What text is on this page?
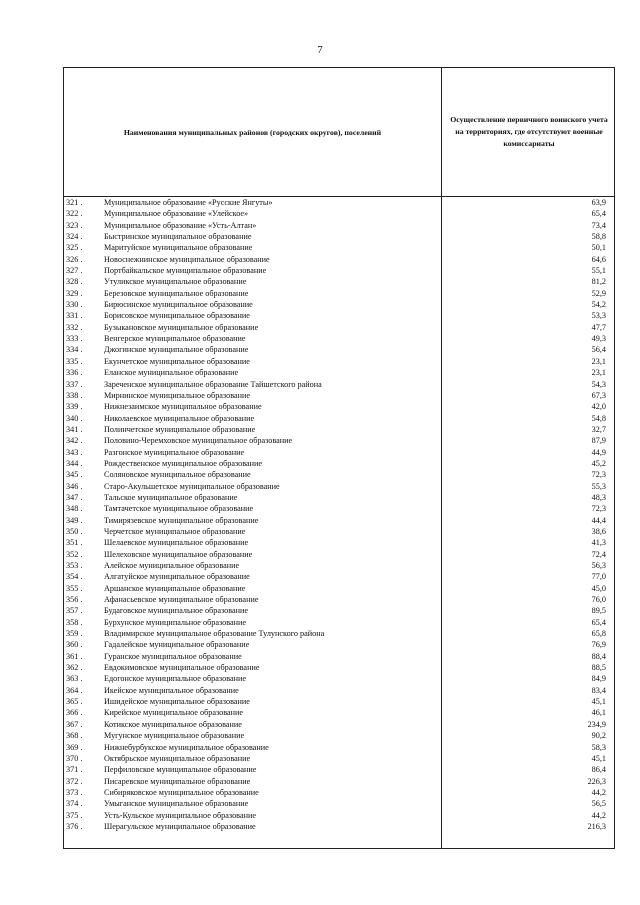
7
Наименования муниципальных районов (городских округов), поселений
Осуществление первичного воинского учета на территориях, где отсутствуют военные комиссариаты
321 .	Муниципальное образование «Русские Янгуты»	63,9
322 .	Муниципальное образование «Улейское»	65,4
323 .	Муниципальное образование «Усть-Алтан»	73,4
324 .	Быстринское муниципальное образование	58,8
325 .	Маритуйское муниципальное образование	50,1
326 .	Новоснежнинское муниципальное образование	64,6
327 .	Портбайкальское муниципальное образование	55,1
328 .	Утуликское муниципальное образование	81,2
329 .	Березовское муниципальное образование	52,9
330 .	Бирюсинское муниципальное образование	54,2
331 .	Борисовское муниципальное образование	53,3
332 .	Бузыкановское муниципальное образование	47,7
333 .	Венгерское муниципальное образование	49,3
334 .	Джогинское муниципальное образование	56,4
335 .	Екунчетское муниципальное образование	23,1
336 .	Еланское муниципальное образование	23,1
337 .	Зареченское муниципальное образование Тайшетского района	54,3
338 .	Мирнинское муниципальное образование	67,3
339 .	Нижнезаимское муниципальное образование	42,0
340 .	Николаевское муниципальное образование	54,8
341 .	Полинчетское муниципальное образование	32,7
342 .	Половино-Черемховское муниципальное образование	87,9
343 .	Разгонское муниципальное образование	44,9
344 .	Рождественское муниципальное образование	45,2
345 .	Соляновское муниципальное образование	72,3
346 .	Старо-Акульшетское муниципальное образование	55,3
347 .	Тальское муниципальное образование	48,3
348 .	Тамтачетское муниципальное образование	72,3
349 .	Тимирязевское муниципальное образование	44,4
350 .	Черчетское муниципальное образование	38,6
351 .	Шелаевское муниципальное образование	41,3
352 .	Шелеховское муниципальное образование	72,4
353 .	Алейское муниципальное образование	56,3
354 .	Алгатуйское муниципальное образование	77,0
355 .	Аршанское муниципальное образование	45,0
356 .	Афанасьевское муниципальное образование	76,0
357 .	Будаговское муниципальное образование	89,5
358 .	Бурхунское муниципальное образование	65,4
359 .	Владимирское муниципальное образование Тулунского района	65,8
360 .	Гадалейское муниципальное образование	76,9
361 .	Гуранское муниципальное образование	88,4
362 .	Евдокимовское муниципальное образование	88,5
363 .	Едогонское муниципальное образование	84,9
364 .	Икейское муниципальное образование	83,4
365 .	Ишидейское муниципальное образование	45,1
366 .	Кирейское муниципальное образование	46,1
367 .	Котикское муниципальное образование	234,9
368 .	Мугунское муниципальное образование	90,2
369 .	Нижнебурбукское муниципальное образование	58,3
370 .	Октябрьское муниципальное образование	45,1
371 .	Перфиловское муниципальное образование	86,4
372 .	Писаревское муниципальное образование	226,3
373 .	Сибиряковское муниципальное образование	44,2
374 .	Умыганское муниципальное образование	56,5
375 .	Усть-Кульское муниципальное образование	44,2
376 .	Шерагульское муниципальное образование	216,3
